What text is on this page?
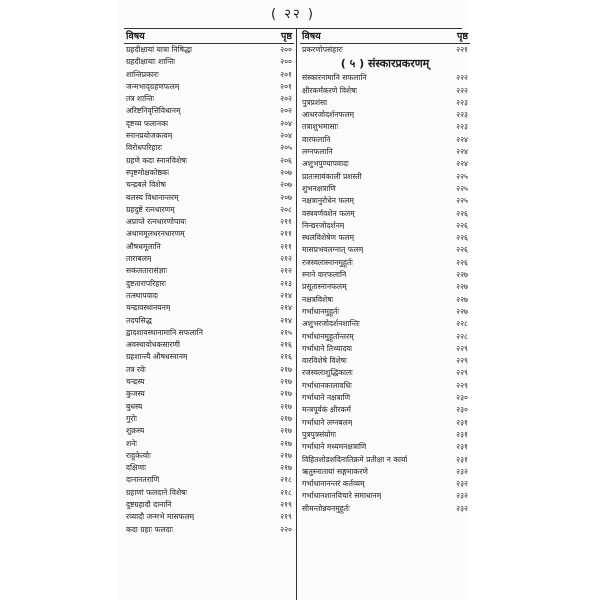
( २२ )
विषय	पृष्ठ
ग्रहदीक्षायां यात्रा निषिद्धा	२००
ग्रहदीक्षायाः शान्तिः	२००
शान्तिप्रकारः	२०१
जन्मभाद्ग्रहणफलम्	२०१
तत्र शान्तिः	२०२
अरिष्टनिवृत्तिविधानम्	२०२
दृष्टव्य फलानकः	२०४
स्नानप्रयोजकत्वम्	२०४
विरोधपरिहारः	२०५
ग्रहणे कदा स्नानविशेषः	२०६
स्पृष्टमोक्षकोष्ठकः	२०७
चन्द्रबले विशेषः	२०७
बलस्य विधानान्तरम्	२०७
ग्रहदुष्टे रत्नधारणम्	२०८
अप्राप्ते रत्नधारणोपायः	२११
अथाममूलधरनधारणम्	२११
औषधमूलानि	२११
ताराबलम्	२१२
सकलतारासंज्ञाः	२१२
दुष्टतारापरिहारः	२१३
तत्स्थापवादः	२१४
चन्द्रावस्थानयनम्	२१४
तदपसिद्ध	२१४
द्वादशावस्थानामानि सफलानि	२१५
अवस्थावोधकसारणी	२१६
ग्रहशान्त्यै औषधस्नानम्	२१६
तत्र रवेः	२१७
चन्द्रस्य	२१७
कुजस्य	२१७
बुधस्य	२१७
गुरोः	२१७
शुक्रस्य	२१७
शनेः	२१७
राहुकेत्वोः	२१७
दक्षिणाः	२१७
दानानतराणि	२१८
ग्रहाणां फलदाने विशेषः	२१८
दुष्टग्रहादौ दानानि	२१९
रव्यादौ जन्मभे मासफलम्	२१९
कदा ग्रहाः फलदाः	२२०
विषय	पृष्ठ
प्रकरणोपसंहारः	२२१
( ५ ) संस्कारप्रकरणम्
संस्कारनामानि सफलानि	२२२
क्षीरकर्मकरणे विशेषः	२२२
पुत्रप्रशंसा	२२३
आधरजोदर्शनफलम्	२२३
तत्राशुभमासाः	२२३
वारफलानि	२२४
लग्नफलानि	२२४
अशुभपुण्यापवादः	२२४
प्रातःसायंकाली प्रशस्ती	२२५
शुभनक्षत्राणि	२२५
नक्षत्रानुरोधेन फलम्	२२५
वस्त्रवर्णवशेन फलम्	२२६
निन्द्यरजोदर्शनम्	२२६
स्थलविशेषेण फलम्	२२६
मासप्रभवलग्नात् फलम्	२२६
रजस्वलास्नानमुहूर्तः	२२६
स्नाने वारफलानि	२२७
प्रसूतास्नानफलम्	२२७
नक्षत्रविशेषः	२२७
गर्भाधानमुहूर्तः	२२७
अशुभरजोदर्शनशान्तिः	२२८
गर्भाधानमुहूर्तान्तरम्	२२८
गर्भाधाने तिथ्यादयः	२२९
वारविशेषे विशेषः	२२९
रजस्वलाशुद्धिकालः	२२९
गर्भाधानकालावधिः	२२९
गर्भाधाने नक्षत्राणि	२३०
मन्त्रपूर्वकं क्षीरकर्म	२३०
गर्भाधाने लग्नबलम्	२३१
पुत्रपुत्रसंयोगः	२३१
गर्भाधाने मध्यमनक्षत्राणि	२३१
विहितशोडशदिनातिक्रमे प्रतीक्षा न कार्या	२३१
ऋतुस्नातायां सङ्गमाकरणे	२३२
गर्भाधानानन्तरं कर्तव्यम्	२३२
गर्भाधानशानविचारे समाधानम्	२३२
सीमन्तोन्नयनमुहूर्तः	२३२
